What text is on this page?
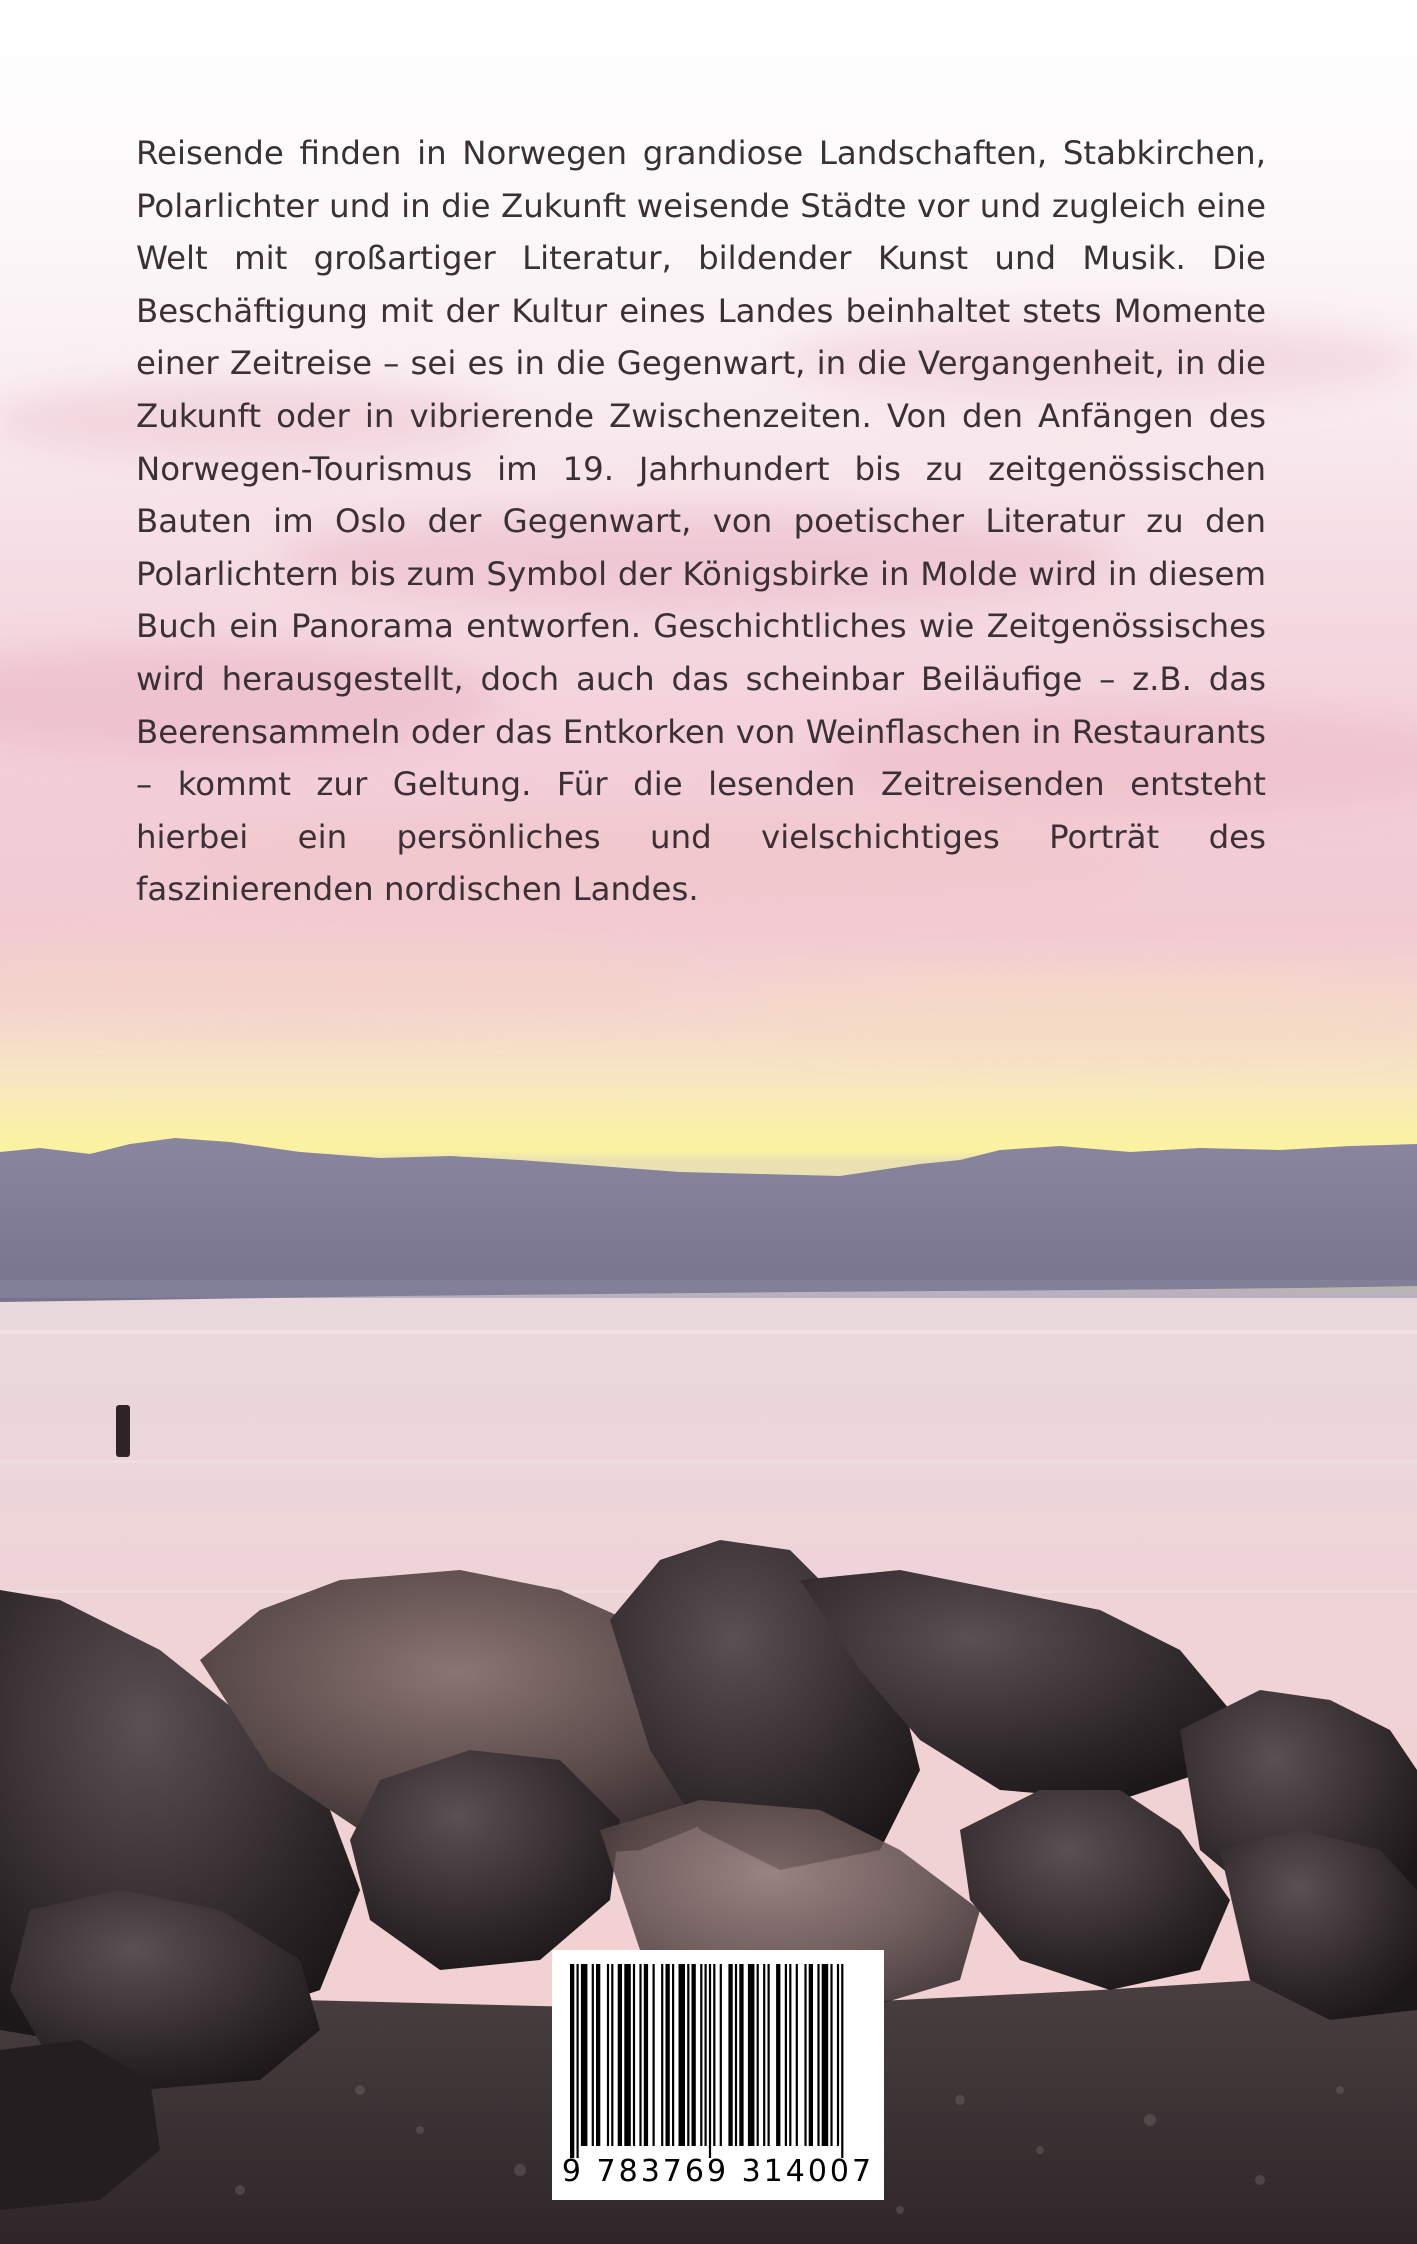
Reisende finden in Norwegen grandiose Landschaften, Stabkirchen, Polarlichter und in die Zukunft weisende Städte vor und zugleich eine Welt mit großartiger Literatur, bildender Kunst und Musik. Die Beschäftigung mit der Kultur eines Landes beinhaltet stets Momente einer Zeitreise – sei es in die Gegenwart, in die Vergangenheit, in die Zukunft oder in vibrierende Zwischenzeiten. Von den Anfängen des Norwegen-Tourismus im 19. Jahrhundert bis zu zeitgenössischen Bauten im Oslo der Gegenwart, von poetischer Literatur zu den Polarlichtern bis zum Symbol der Königsbirke in Molde wird in diesem Buch ein Panorama entworfen. Geschichtliches wie Zeitgenössisches wird herausgestellt, doch auch das scheinbar Beiläufige – z.B. das Beerensammeln oder das Entkorken von Weinflaschen in Restaurants – kommt zur Geltung. Für die lesenden Zeitreisenden entsteht hierbei ein persönliches und vielschichtiges Porträt des faszinierenden nordischen Landes.

9 783769 314007
